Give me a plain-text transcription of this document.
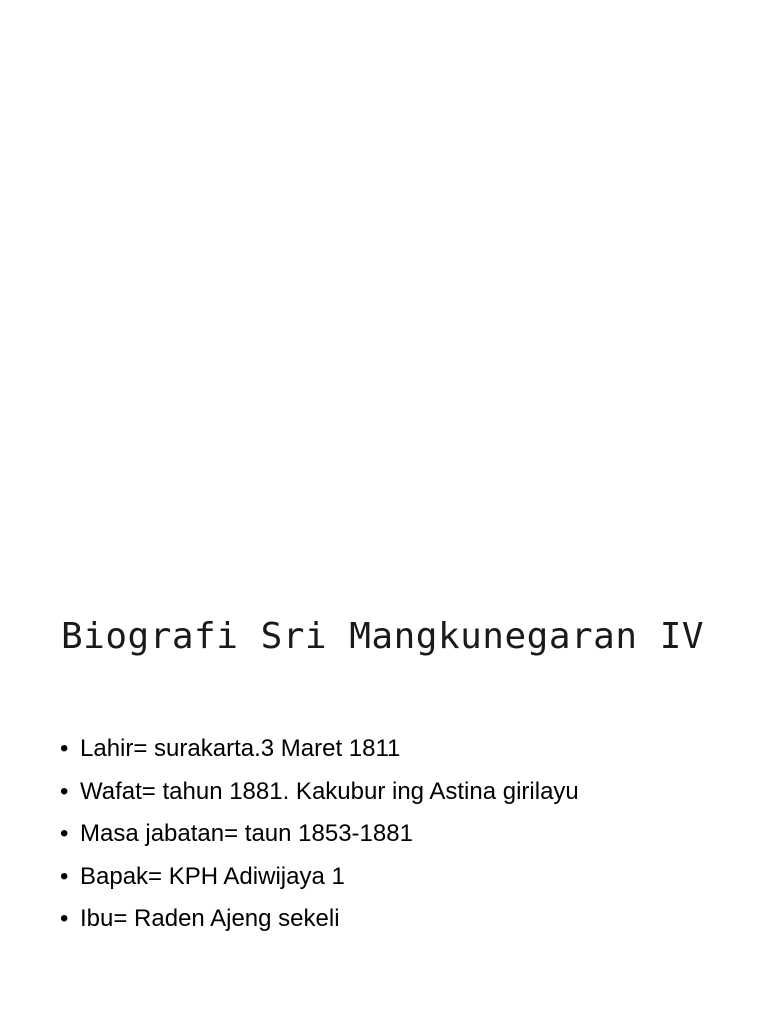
Biografi Sri Mangkunegaran IV
• Lahir= surakarta.3 Maret 1811
• Wafat= tahun 1881. Kakubur ing Astina girilayu
• Masa jabatan= taun 1853-1881
• Bapak= KPH Adiwijaya 1
• Ibu= Raden Ajeng sekeli
